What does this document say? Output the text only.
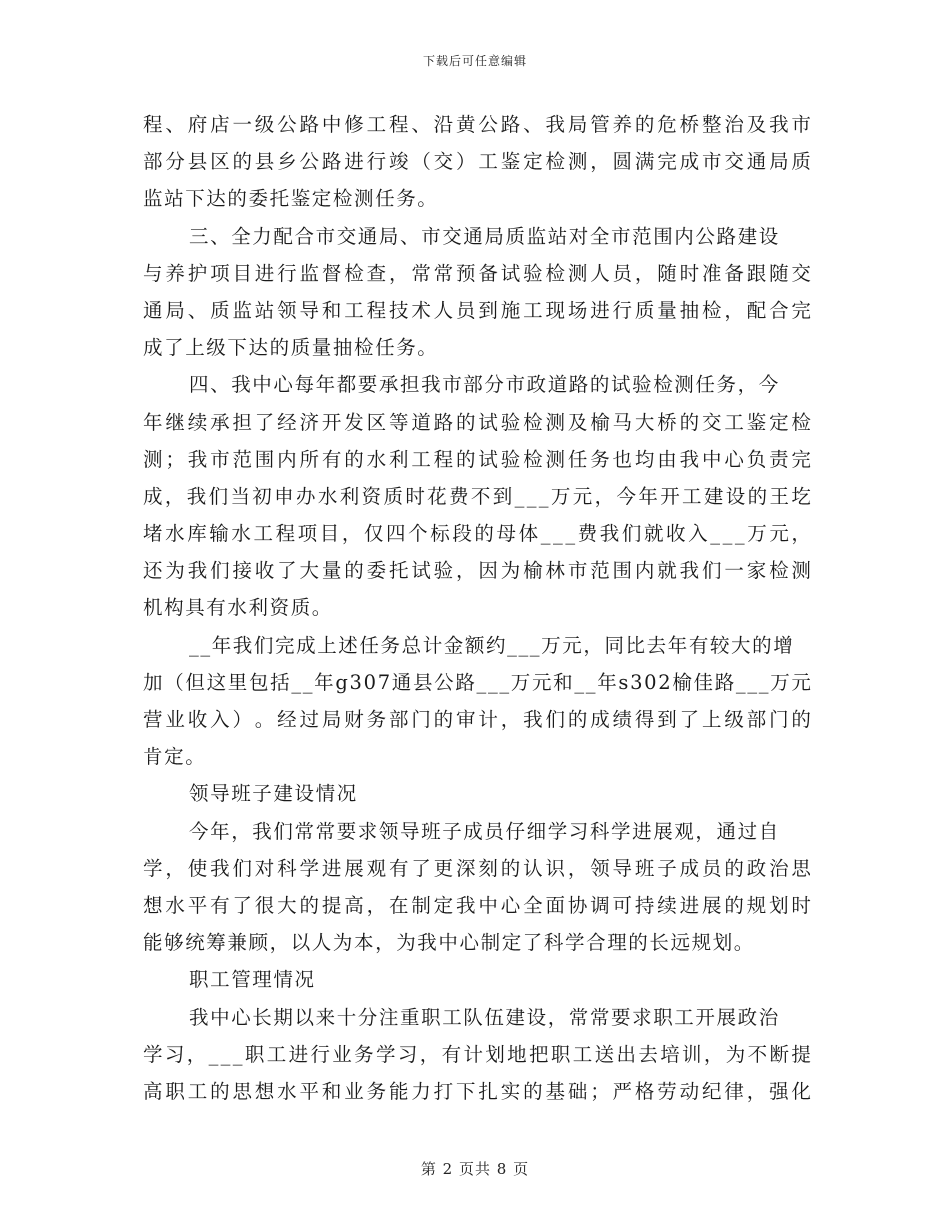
下载后可任意编辑
程 、 府 店 一 级 公 路 中 修 工 程 、 沿 黄 公 路 、 我 局 管 养 的 危 桥 整 治 及 我 市
部 分 县 区 的 县 乡 公 路 进 行 竣 （ 交 ） 工 鉴 定 检 测 ， 圆 满 完 成 市 交 通 局 质
监站下达的委托鉴定检测任务。
三、全力配合市交通局、市交通局质监站对全市范围内公路建设
与 养 护 项 目 进 行 监 督 检 查 ， 常 常 预 备 试 验 检 测 人 员 ， 随 时 准 备 跟 随 交
通 局 、 质 监 站 领 导 和 工 程 技 术 人 员 到 施 工 现 场 进 行 质 量 抽 检 ， 配 合 完
成了上级下达的质量抽检任务。
四、我中心每年都要承担我市部分市政道路的试验检测任务，今
年 继 续 承 担 了 经 济 开 发 区 等 道 路 的 试 验 检 测 及 榆 马 大 桥 的 交 工 鉴 定 检
测 ； 我 市 范 围 内 所 有 的 水 利 工 程 的 试 验 检 测 任 务 也 均 由 我 中 心 负 责 完
成 ， 我 们 当 初 申 办 水 利 资 质 时 花 费 不 到 _ _ _ 万 元 ， 今 年 开 工 建 设 的 王 圪
堵 水 库 输 水 工 程 项 目 ， 仅 四 个 标 段 的 母 体 _ _ _ 费 我 们 就 收 入 _ _ _ 万 元 ，
还 为 我 们 接 收 了 大 量 的 委 托 试 验 ， 因 为 榆 林 市 范 围 内 就 我 们 一 家 检 测
机构具有水利资质。
__年我们完成上述任务总计金额约___万元，同比去年有较大的增
加 （ 但 这 里 包 括 _ _ 年 g 3 0 7 通 县 公 路 _ _ _ 万 元 和 _ _ 年 s 3 0 2 榆 佳 路 _ _ _ 万 元
营 业 收 入 ） 。 经 过 局 财 务 部 门 的 审 计 ， 我 们 的 成 绩 得 到 了 上 级 部 门 的
肯定。
领导班子建设情况
今年，我们常常要求领导班子成员仔细学习科学进展观，通过自
学 ， 使 我 们 对 科 学 进 展 观 有 了 更 深 刻 的 认 识 ， 领 导 班 子 成 员 的 政 治 思
想 水 平 有 了 很 大 的 提 高 ， 在 制 定 我 中 心 全 面 协 调 可 持 续 进 展 的 规 划 时
能够统筹兼顾，以人为本，为我中心制定了科学合理的长远规划。
职工管理情况
我中心长期以来十分注重职工队伍建设，常常要求职工开展政治
学 习 ， _ _ _ 职 工 进 行 业 务 学 习 ， 有 计 划 地 把 职 工 送 出 去 培 训 ， 为 不 断 提
高 职 工 的 思 想 水 平 和 业 务 能 力 打 下 扎 实 的 基 础 ； 严 格 劳 动 纪 律 ， 强 化
第 2 页共 8 页
